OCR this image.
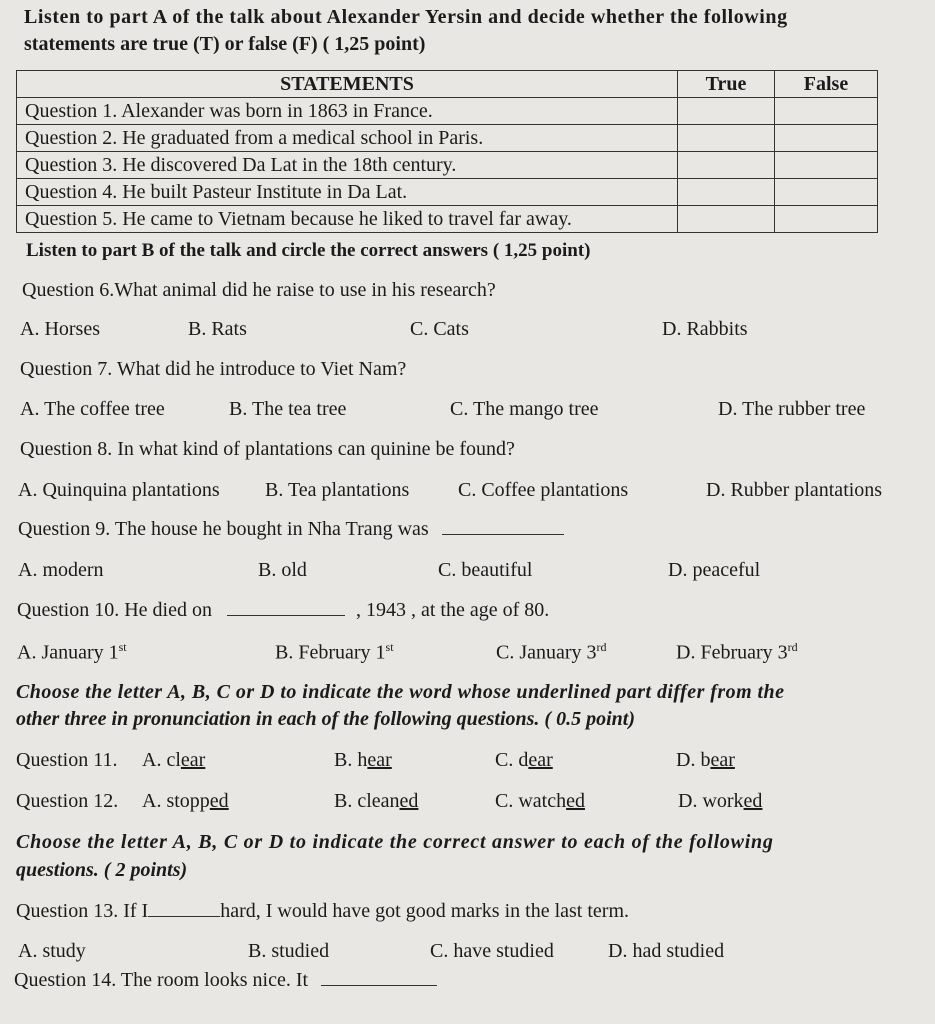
Listen to part A of the talk about Alexander Yersin and decide whether the following
statements are true (T) or false (F) ( 1,25 point)
STATEMENTS	True	False
Question 1. Alexander was born in 1863 in France.		
Question 2. He graduated from a medical school in Paris.		
Question 3. He discovered Da Lat in the 18th century.		
Question 4. He built Pasteur Institute in Da Lat.		
Question 5. He came to Vietnam because he liked to travel far away.		
Listen to part B of the talk and circle the correct answers ( 1,25 point)
Question 6.What animal did he raise to use in his research?
A. Horses	B. Rats	C. Cats	D. Rabbits
Question 7. What did he introduce to Viet Nam?
A. The coffee tree	B. The tea tree	C. The mango tree	D. The rubber tree
Question 8. In what kind of plantations can quinine be found?
A. Quinquina plantations B. Tea plantations C. Coffee plantations	D. Rubber plantations
Question 9. The house he bought in Nha Trang was
A. modern	B. old	C. beautiful	D. peaceful
Question 10. He died on	, 1943 , at the age of 80.
A. January 1st	B. February 1st	C. January 3rd	D. February 3rd
Choose the letter A, B, C or D to indicate the word whose underlined part differ from the
other three in pronunciation in each of the following questions. ( 0.5 point)
Question 11. A. clear	B. hear	C. dear	D. bear
Question 12. A. stopped	B. cleaned	C. watched	D. worked
Choose the letter A, B, C or D to indicate the correct answer to each of the following
questions. ( 2 points)
Question 13. If I	hard, I would have got good marks in the last term.
A. study	B. studied	C. have studied	D. had studied
Question 14. The room looks nice. It
